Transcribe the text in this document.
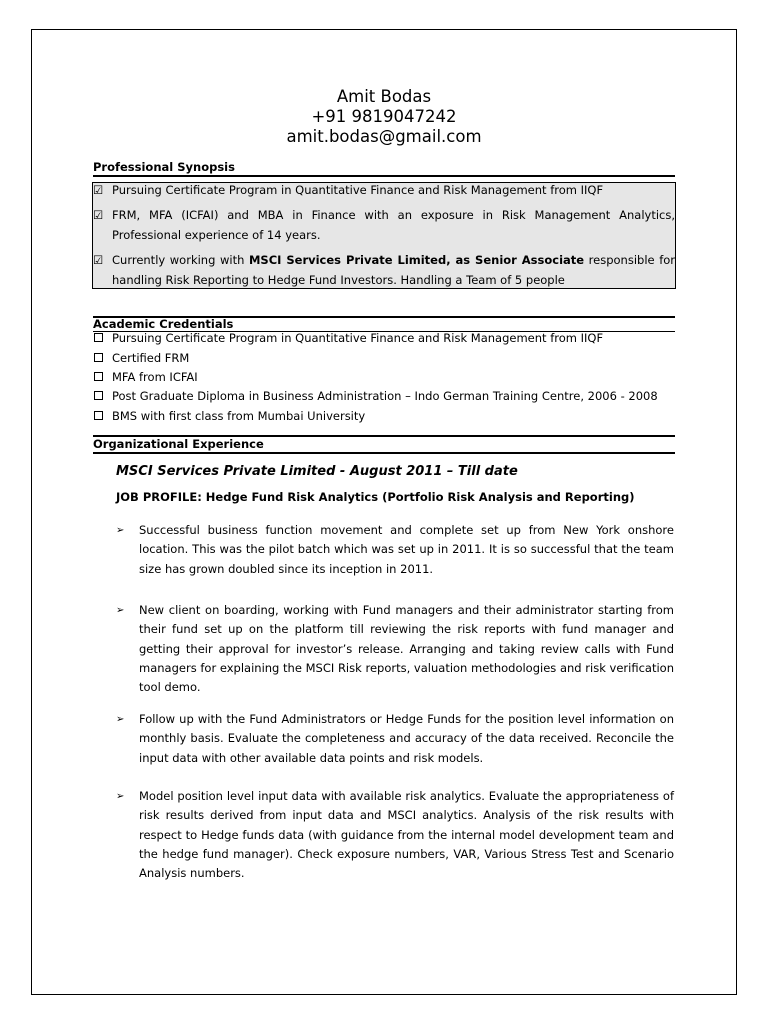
Amit Bodas
+91 9819047242
amit.bodas@gmail.com
Professional Synopsis
☑ Pursuing Certificate Program in Quantitative Finance and Risk Management from IIQF
☑ FRM, MFA (ICFAI) and MBA in Finance with an exposure in Risk Management Analytics, Professional experience of 14 years.
☑ Currently working with MSCI Services Private Limited, as Senior Associate responsible for handling Risk Reporting to Hedge Fund Investors. Handling a Team of 5 people
Academic Credentials
Pursuing Certificate Program in Quantitative Finance and Risk Management from IIQF
Certified FRM
MFA from ICFAI
Post Graduate Diploma in Business Administration – Indo German Training Centre, 2006 - 2008
BMS with first class from Mumbai University
Organizational Experience
MSCI Services Private Limited - August 2011 – Till date
JOB PROFILE: Hedge Fund Risk Analytics (Portfolio Risk Analysis and Reporting)
➢	Successful business function movement and complete set up from New York onshore location. This was the pilot batch which was set up in 2011. It is so successful that the team size has grown doubled since its inception in 2011.
➢	New client on boarding, working with Fund managers and their administrator starting from their fund set up on the platform till reviewing the risk reports with fund manager and getting their approval for investor’s release. Arranging and taking review calls with Fund managers for explaining the MSCI Risk reports, valuation methodologies and risk verification tool demo.
➢	Follow up with the Fund Administrators or Hedge Funds for the position level information on monthly basis. Evaluate the completeness and accuracy of the data received. Reconcile the input data with other available data points and risk models.
➢	Model position level input data with available risk analytics. Evaluate the appropriateness of risk results derived from input data and MSCI analytics. Analysis of the risk results with respect to Hedge funds data (with guidance from the internal model development team and the hedge fund manager). Check exposure numbers, VAR, Various Stress Test and Scenario Analysis numbers.
